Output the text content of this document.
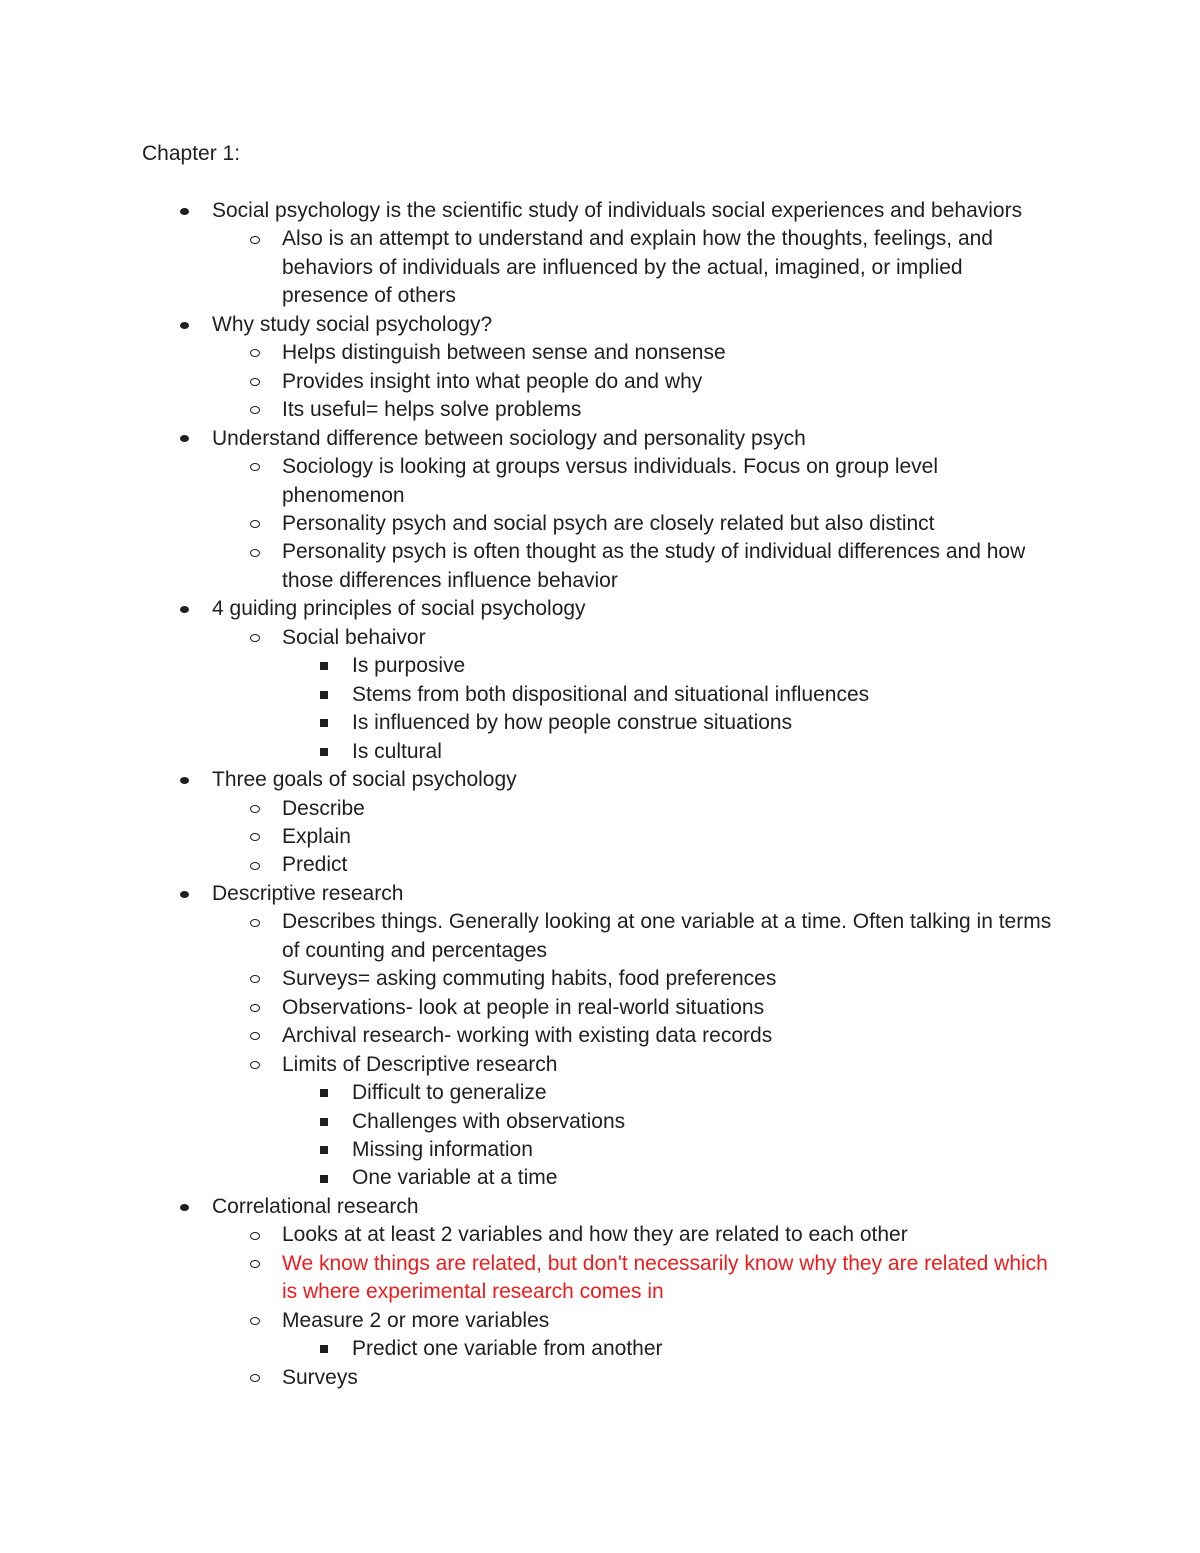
Chapter 1:
Social psychology is the scientific study of individuals social experiences and behaviors
Also is an attempt to understand and explain how the thoughts, feelings, and behaviors of individuals are influenced by the actual, imagined, or implied presence of others
Why study social psychology?
Helps distinguish between sense and nonsense
Provides insight into what people do and why
Its useful= helps solve problems
Understand difference between sociology and personality psych
Sociology is looking at groups versus individuals. Focus on group level phenomenon
Personality psych and social psych are closely related but also distinct
Personality psych is often thought as the study of individual differences and how those differences influence behavior
4 guiding principles of social psychology
Social behaivor
Is purposive
Stems from both dispositional and situational influences
Is influenced by how people construe situations
Is cultural
Three goals of social psychology
Describe
Explain
Predict
Descriptive research
Describes things. Generally looking at one variable at a time. Often talking in terms of counting and percentages
Surveys= asking commuting habits, food preferences
Observations- look at people in real-world situations
Archival research- working with existing data records
Limits of Descriptive research
Difficult to generalize
Challenges with observations
Missing information
One variable at a time
Correlational research
Looks at at least 2 variables and how they are related to each other
We know things are related, but don't necessarily know why they are related which is where experimental research comes in
Measure 2 or more variables
Predict one variable from another
Surveys
